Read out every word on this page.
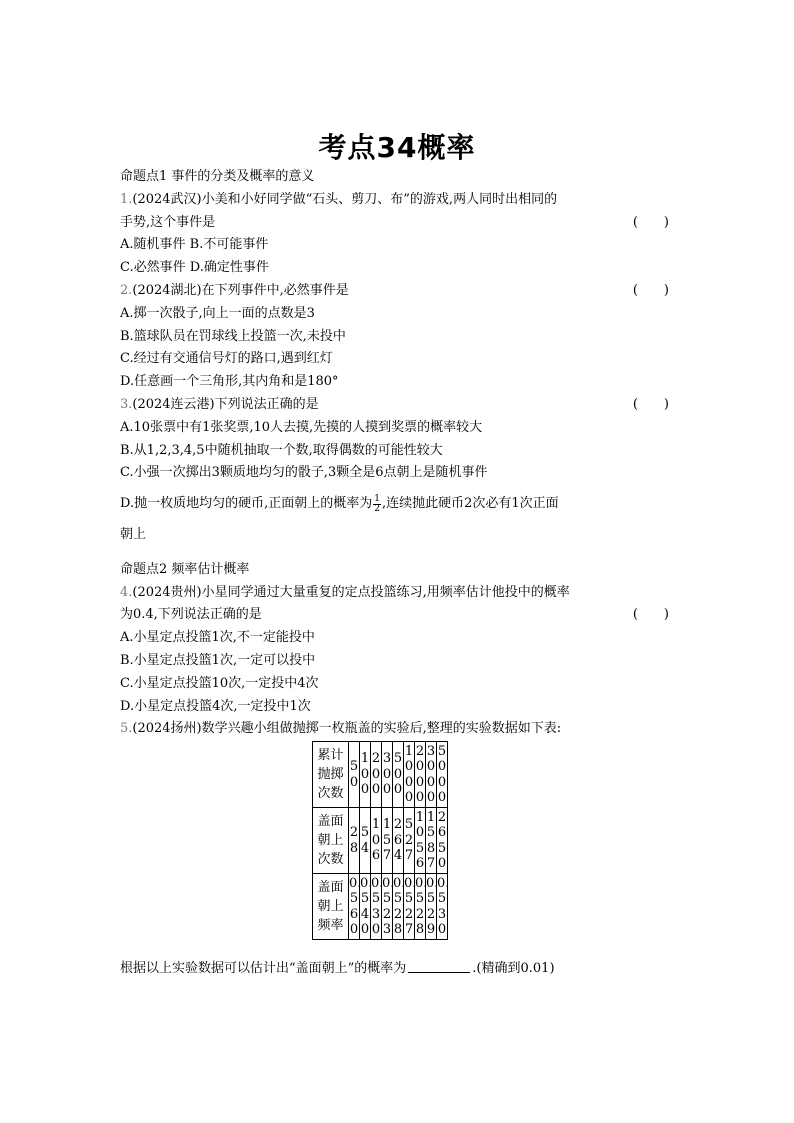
考点34概率
命题点1 事件的分类及概率的意义
1.(2024武汉)小美和小好同学做“石头、剪刀、布”的游戏,两人同时出相同的
手势,这个事件是	(　　)
A.随机事件 B.不可能事件
C.必然事件 D.确定性事件
2.(2024湖北)在下列事件中,必然事件是	(　　)
A.掷一次骰子,向上一面的点数是3
B.篮球队员在罚球线上投篮一次,未投中
C.经过有交通信号灯的路口,遇到红灯
D.任意画一个三角形,其内角和是180°
3.(2024连云港)下列说法正确的是	(　　)
A.10张票中有1张奖票,10人去摸,先摸的人摸到奖票的概率较大
B.从1,2,3,4,5中随机抽取一个数,取得偶数的可能性较大
C.小强一次掷出3颗质地均匀的骰子,3颗全是6点朝上是随机事件
D.抛一枚质地均匀的硬币,正面朝上的概率为 $\frac{1}{2}$ ,连续抛此硬币2次必有1次正面
朝上
命题点2 频率估计概率
4.(2024贵州)小星同学通过大量重复的定点投篮练习,用频率估计他投中的概率
为0.4,下列说法正确的是	(　　)
A.小星定点投篮1次,不一定能投中
B.小星定点投篮1次,一定可以投中
C.小星定点投篮10次,一定投中4次
D.小星定点投篮4次,一定投中1次
5.(2024扬州)数学兴趣小组做抛掷一枚瓶盖的实验后,整理的实验数据如下表:
累计抛掷次数	50	100	200	300	500	1000	2000	3000	5000
盖面朝上次数	28	54	106	157	264	527	1056	1587	2650
盖面朝上频率	0.560	0.540	0.530	0.523	0.528	0.527	0.528	0.529	0.530
根据以上实验数据可以估计出“盖面朝上”的概率为	.(精确到0.01)
